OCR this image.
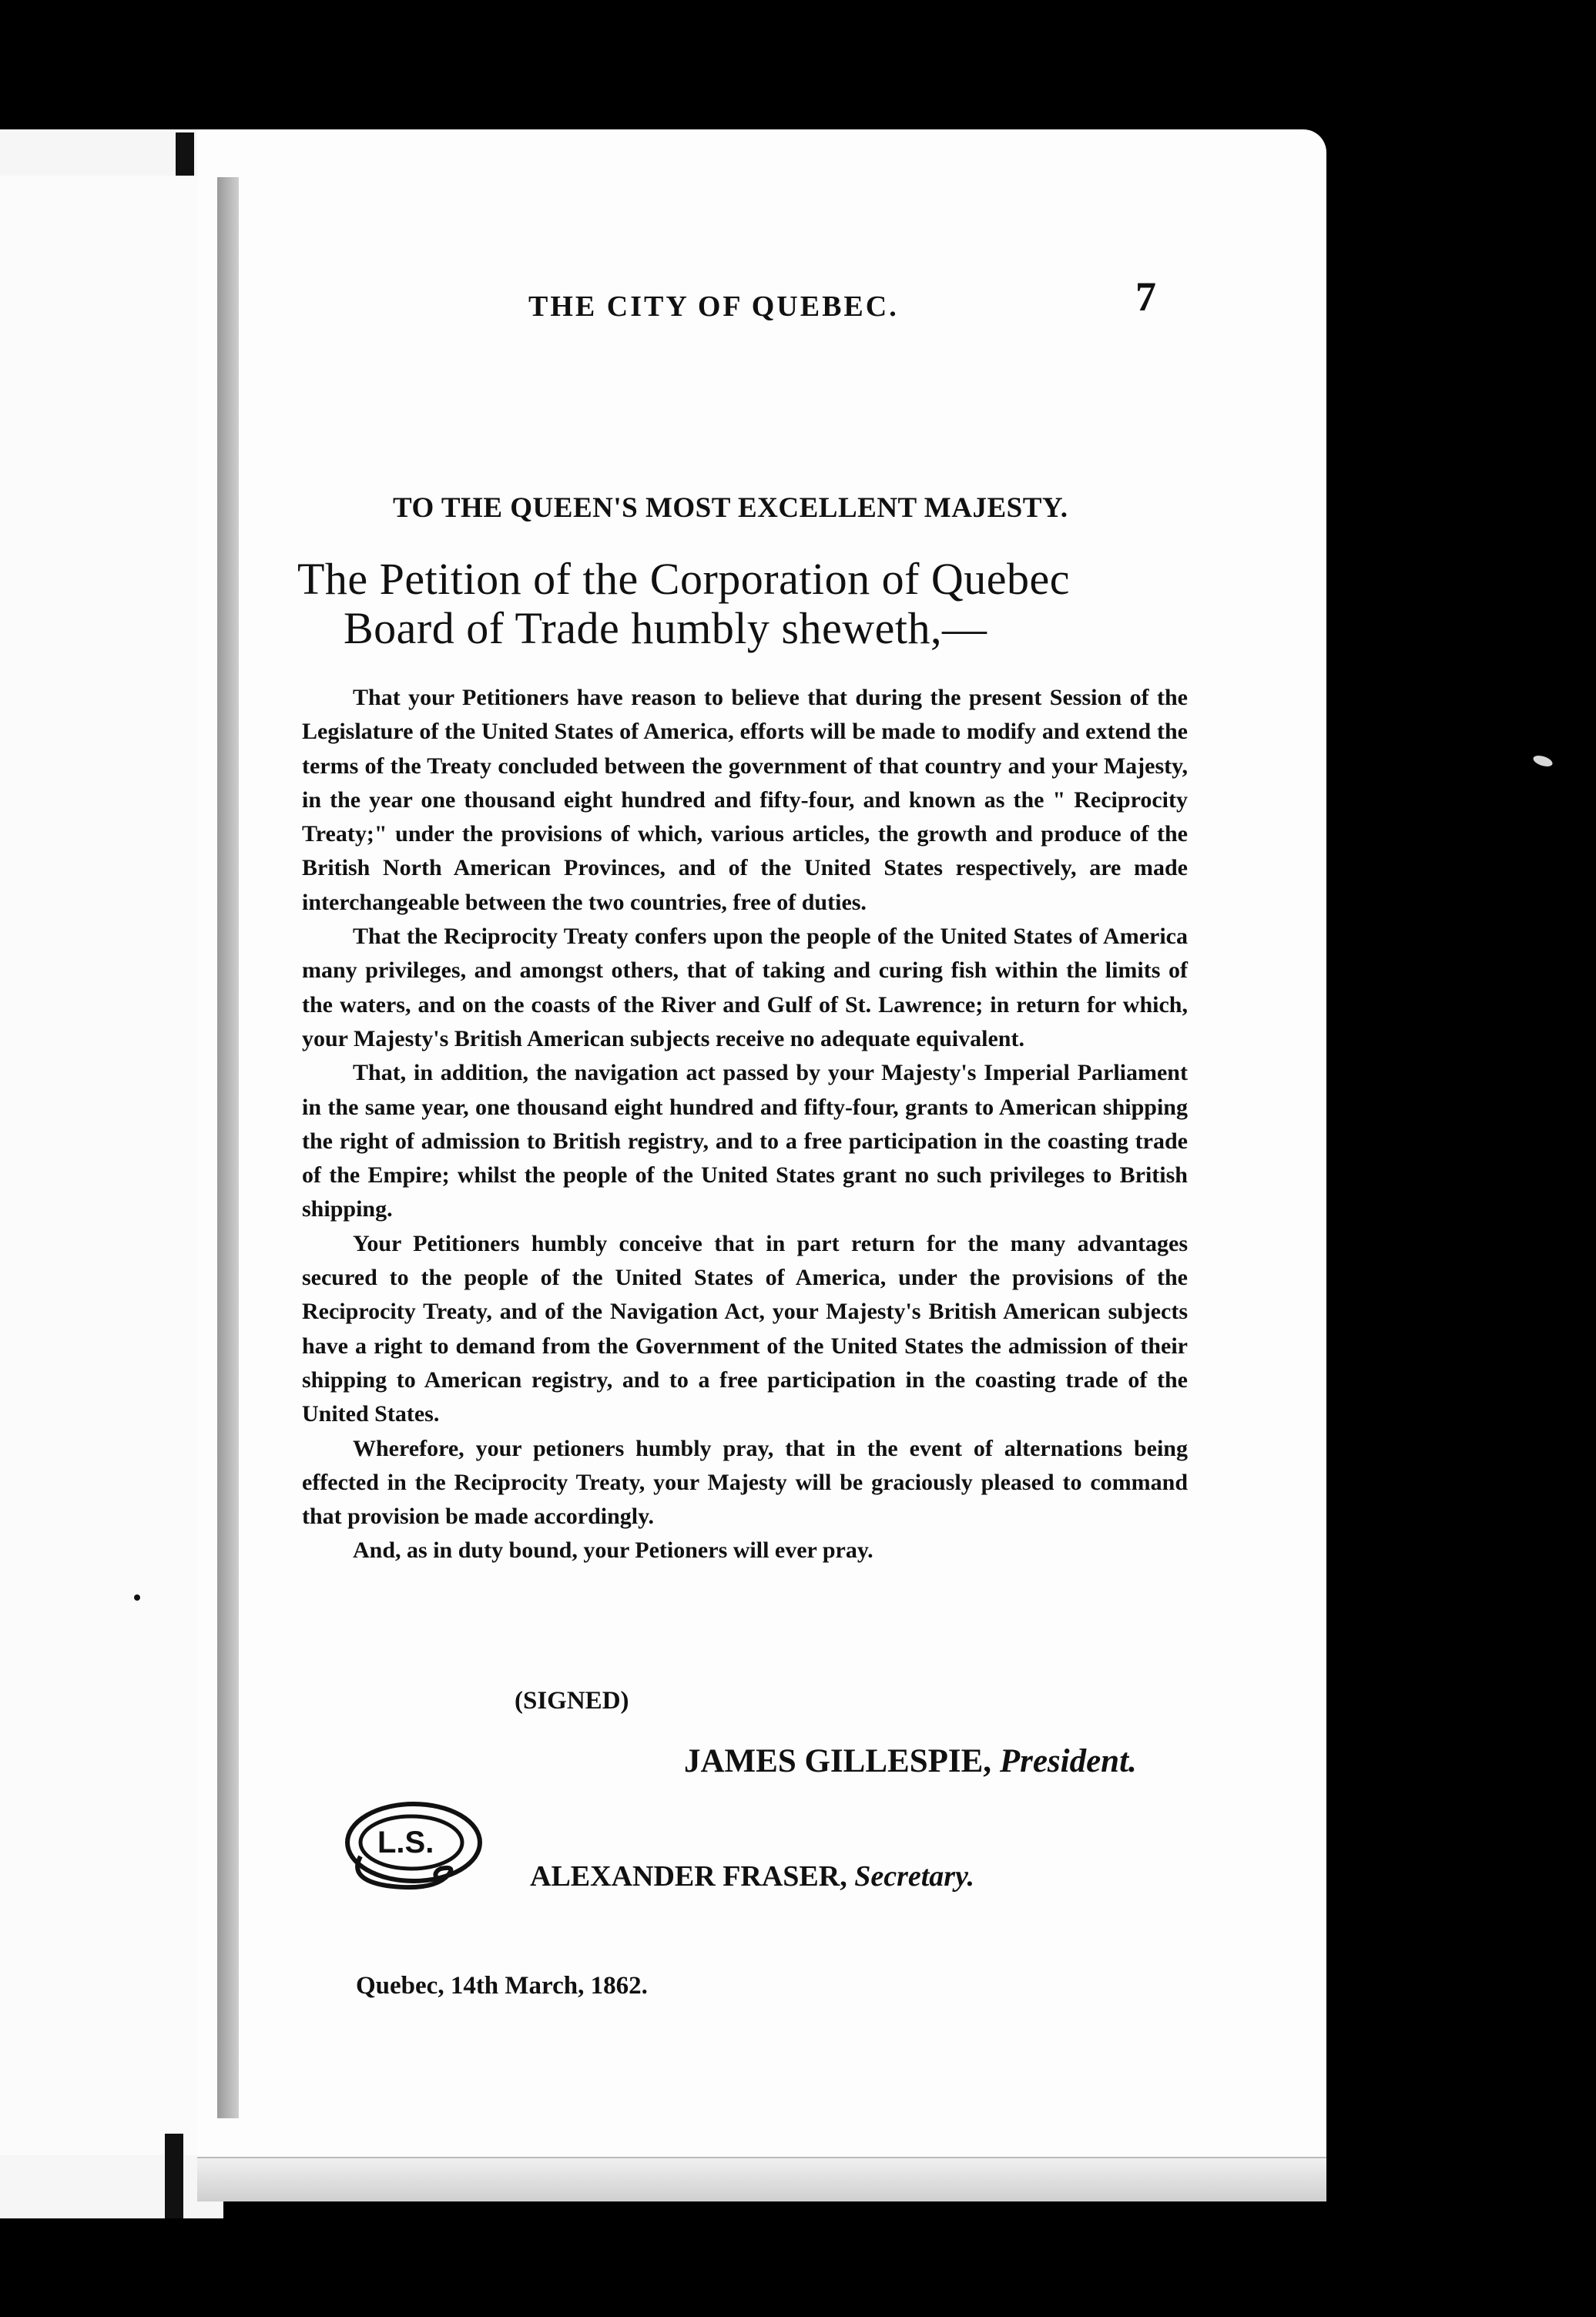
THE CITY OF QUEBEC.	7
TO THE QUEEN'S MOST EXCELLENT MAJESTY.
The Petition of the Corporation of Quebec
Board of Trade humbly sheweth,—

That your Petitioners have reason to believe that during the present Session of the Legislature of the United States of America, efforts will be made to modify and extend the terms of the Treaty concluded between the government of that country and your Majesty, in the year one thousand eight hundred and fifty-four, and known as the " Reciprocity Treaty;" under the provisions of which, various articles, the growth and produce of the British North American Provinces, and of the United States respectively, are made interchangeable between the two countries, free of duties.

That the Reciprocity Treaty confers upon the people of the United States of America many privileges, and amongst others, that of taking and curing fish within the limits of the waters, and on the coasts of the River and Gulf of St. Lawrence; in return for which, your Majesty's British American subjects receive no adequate equivalent.

That, in addition, the navigation act passed by your Majesty's Imperial Parliament in the same year, one thousand eight hundred and fifty-four, grants to American shipping the right of admission to British registry, and to a free participation in the coasting trade of the Empire; whilst the people of the United States grant no such privileges to British shipping.

Your Petitioners humbly conceive that in part return for the many advantages secured to the people of the United States of America, under the provisions of the Reciprocity Treaty, and of the Navigation Act, your Majesty's British American subjects have a right to demand from the Government of the United States the admission of their shipping to American registry, and to a free participation in the coasting trade of the United States.

Wherefore, your petioners humbly pray, that in the event of alternations being effected in the Reciprocity Treaty, your Majesty will be graciously pleased to command that provision be made accordingly.

And, as in duty bound, your Petioners will ever pray.

(SIGNED)
JAMES GILLESPIE, President.
L.S.
ALEXANDER FRASER, Secretary.
Quebec, 14th March, 1862.
